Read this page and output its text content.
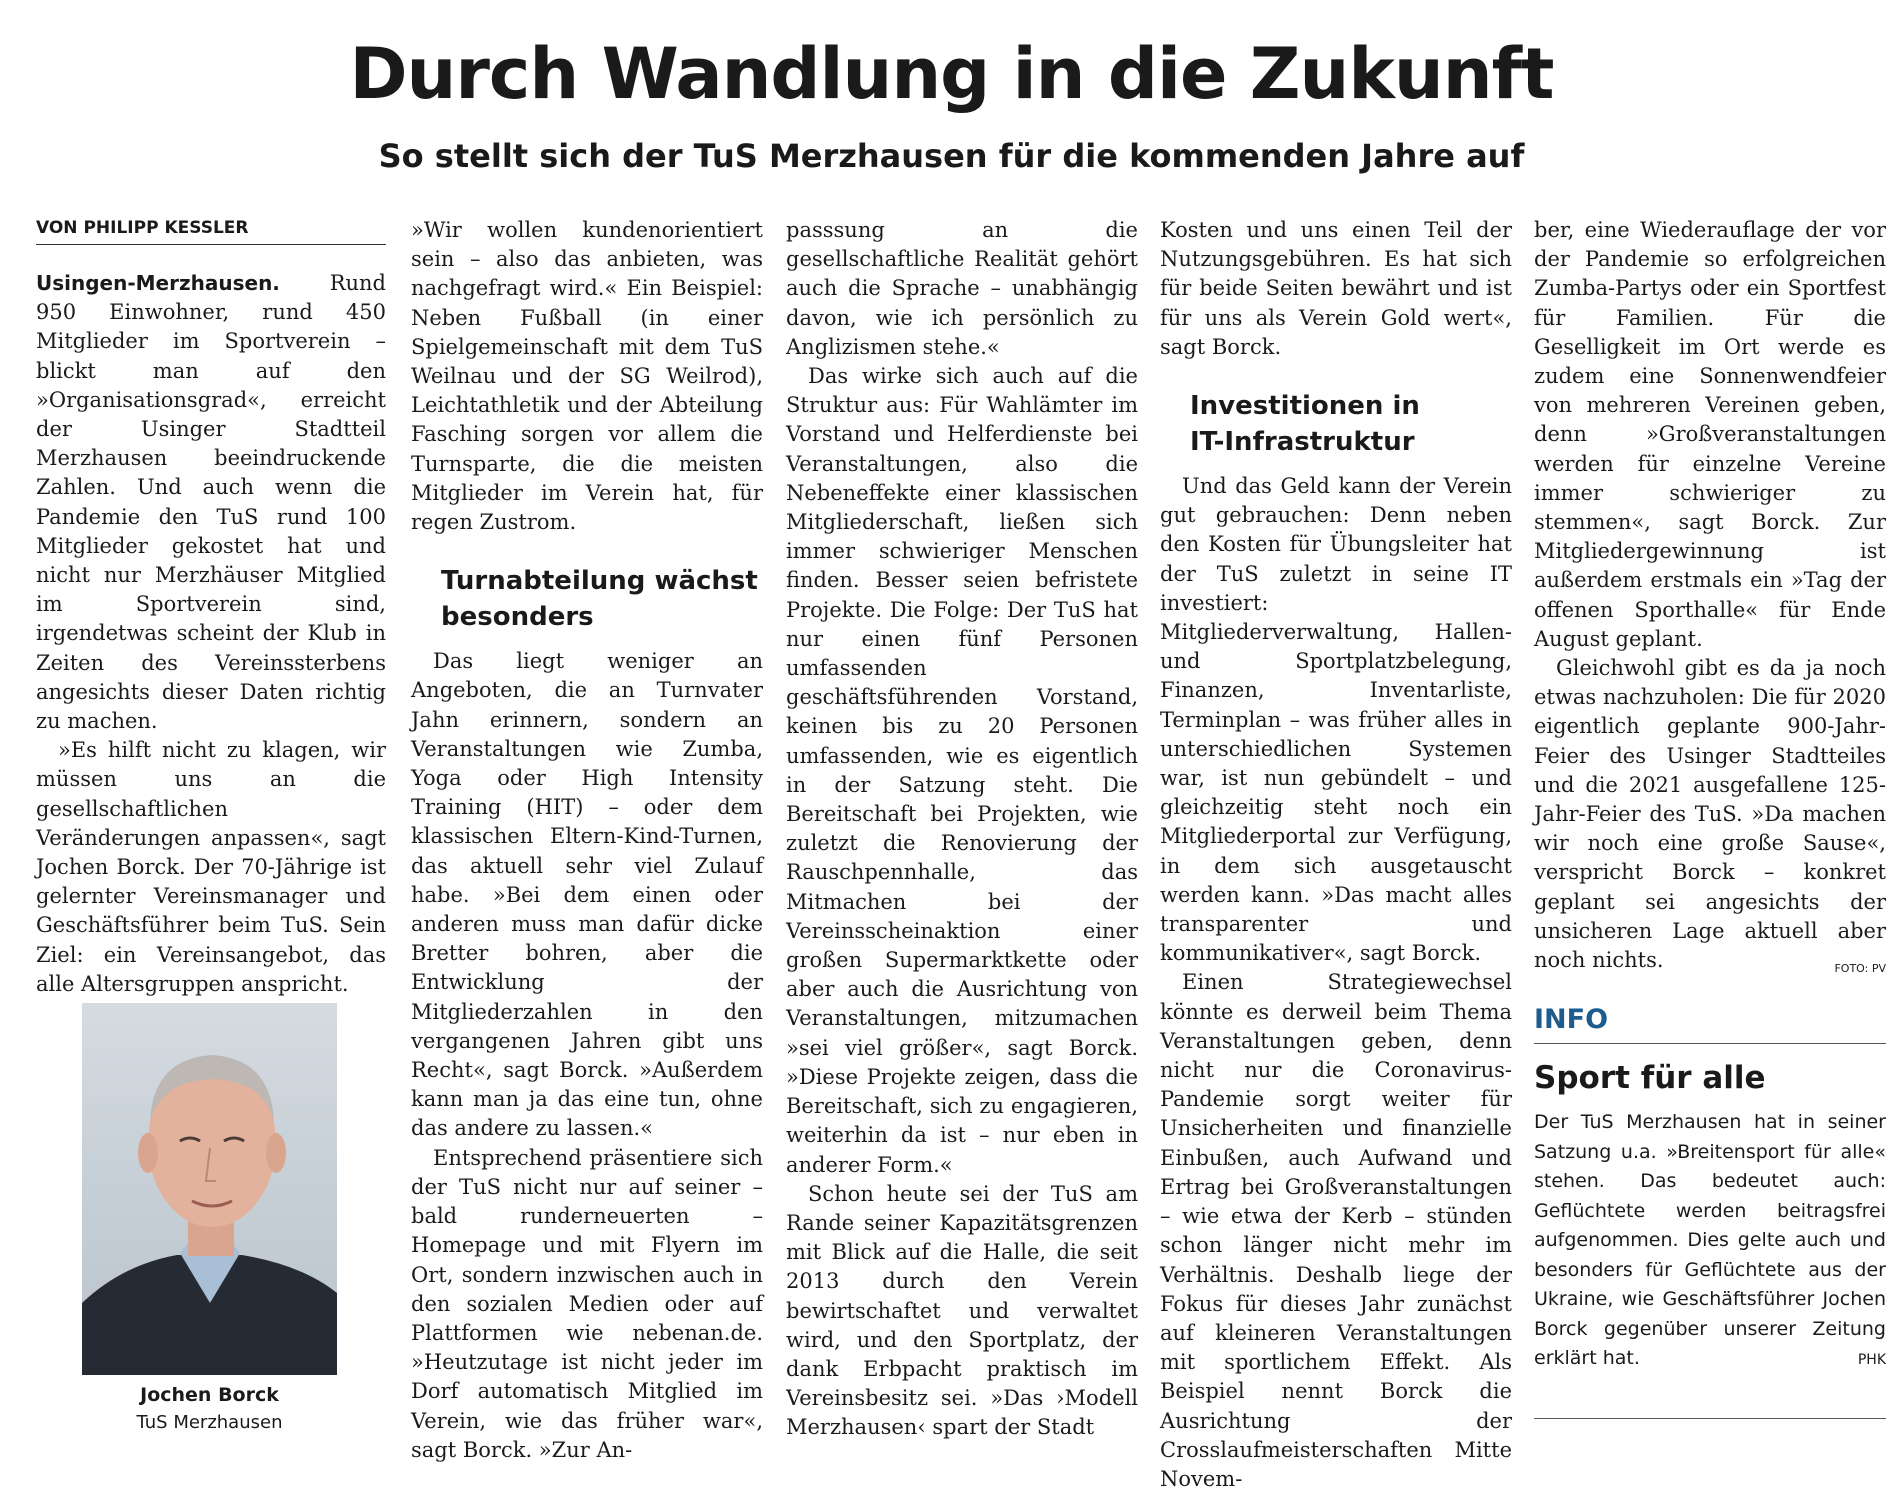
Durch Wandlung in die Zukunft
So stellt sich der TuS Merzhausen für die kommenden Jahre auf
VON PHILIPP KESSLER

Usingen-Merzhausen. Rund 950 Einwohner, rund 450 Mitglieder im Sportverein – blickt man auf den »Organisationsgrad«, erreicht der Usinger Stadtteil Merzhausen beeindruckende Zahlen. Und auch wenn die Pandemie den TuS rund 100 Mitglieder gekostet hat und nicht nur Merzhäuser Mitglied im Sportverein sind, irgendetwas scheint der Klub in Zeiten des Vereinssterbens angesichts dieser Daten richtig zu machen.

»Es hilft nicht zu klagen, wir müssen uns an die gesellschaftlichen Veränderungen anpassen«, sagt Jochen Borck. Der 70-Jährige ist gelernter Vereinsmanager und Geschäftsführer beim TuS. Sein Ziel: ein Vereinsangebot, das alle Altersgruppen anspricht.

Jochen Borck
TuS Merzhausen

»Wir wollen kundenorientiert sein – also das anbieten, was nachgefragt wird.« Ein Beispiel: Neben Fußball (in einer Spielgemeinschaft mit dem TuS Weilnau und der SG Weilrod), Leichtathletik und der Abteilung Fasching sorgen vor allem die Turnsparte, die die meisten Mitglieder im Verein hat, für regen Zustrom.

Turnabteilung wächst besonders

Das liegt weniger an Angeboten, die an Turnvater Jahn erinnern, sondern an Veranstaltungen wie Zumba, Yoga oder High Intensity Training (HIT) – oder dem klassischen Eltern-Kind-Turnen, das aktuell sehr viel Zulauf habe. »Bei dem einen oder anderen muss man dafür dicke Bretter bohren, aber die Entwicklung der Mitgliederzahlen in den vergangenen Jahren gibt uns Recht«, sagt Borck. »Außerdem kann man ja das eine tun, ohne das andere zu lassen.«

Entsprechend präsentiere sich der TuS nicht nur auf seiner – bald runderneuerten – Homepage und mit Flyern im Ort, sondern inzwischen auch in den sozialen Medien oder auf Plattformen wie nebenan.de. »Heutzutage ist nicht jeder im Dorf automatisch Mitglied im Verein, wie das früher war«, sagt Borck. »Zur An-

passsung an die gesellschaftliche Realität gehört auch die Sprache – unabhängig davon, wie ich persönlich zu Anglizismen stehe.«

Das wirke sich auch auf die Struktur aus: Für Wahlämter im Vorstand und Helferdienste bei Veranstaltungen, also die Nebeneffekte einer klassischen Mitgliederschaft, ließen sich immer schwieriger Menschen finden. Besser seien befristete Projekte. Die Folge: Der TuS hat nur einen fünf Personen umfassenden geschäftsführenden Vorstand, keinen bis zu 20 Personen umfassenden, wie es eigentlich in der Satzung steht. Die Bereitschaft bei Projekten, wie zuletzt die Renovierung der Rauschpennhalle, das Mitmachen bei der Vereinsscheinaktion einer großen Supermarktkette oder aber auch die Ausrichtung von Veranstaltungen, mitzumachen »sei viel größer«, sagt Borck. »Diese Projekte zeigen, dass die Bereitschaft, sich zu engagieren, weiterhin da ist – nur eben in anderer Form.«

Schon heute sei der TuS am Rande seiner Kapazitätsgrenzen mit Blick auf die Halle, die seit 2013 durch den Verein bewirtschaftet und verwaltet wird, und den Sportplatz, der dank Erbpacht praktisch im Vereinsbesitz sei. »Das ›Modell Merzhausen‹ spart der Stadt

Kosten und uns einen Teil der Nutzungsgebühren. Es hat sich für beide Seiten bewährt und ist für uns als Verein Gold wert«, sagt Borck.

Investitionen in IT-Infrastruktur

Und das Geld kann der Verein gut gebrauchen: Denn neben den Kosten für Übungsleiter hat der TuS zuletzt in seine IT investiert: Mitgliederverwaltung, Hallen- und Sportplatzbelegung, Finanzen, Inventarliste, Terminplan – was früher alles in unterschiedlichen Systemen war, ist nun gebündelt – und gleichzeitig steht noch ein Mitgliederportal zur Verfügung, in dem sich ausgetauscht werden kann. »Das macht alles transparenter und kommunikativer«, sagt Borck.

Einen Strategiewechsel könnte es derweil beim Thema Veranstaltungen geben, denn nicht nur die Coronavirus-Pandemie sorgt weiter für Unsicherheiten und finanzielle Einbußen, auch Aufwand und Ertrag bei Großveranstaltungen – wie etwa der Kerb – stünden schon länger nicht mehr im Verhältnis. Deshalb liege der Fokus für dieses Jahr zunächst auf kleineren Veranstaltungen mit sportlichem Effekt. Als Beispiel nennt Borck die Ausrichtung der Crosslaufmeisterschaften Mitte Novem-

ber, eine Wiederauflage der vor der Pandemie so erfolgreichen Zumba-Partys oder ein Sportfest für Familien. Für die Geselligkeit im Ort werde es zudem eine Sonnenwendfeier von mehreren Vereinen geben, denn »Großveranstaltungen werden für einzelne Vereine immer schwieriger zu stemmen«, sagt Borck. Zur Mitgliedergewinnung ist außerdem erstmals ein »Tag der offenen Sporthalle« für Ende August geplant.

Gleichwohl gibt es da ja noch etwas nachzuholen: Die für 2020 eigentlich geplante 900-Jahr-Feier des Usinger Stadtteiles und die 2021 ausgefallene 125-Jahr-Feier des TuS. »Da machen wir noch eine große Sause«, verspricht Borck – konkret geplant sei angesichts der unsicheren Lage aktuell aber noch nichts.	FOTO: PV

INFO
Sport für alle
Der TuS Merzhausen hat in seiner Satzung u.a. »Breitensport für alle« stehen. Das bedeutet auch: Geflüchtete werden beitragsfrei aufgenommen. Dies gelte auch und besonders für Geflüchtete aus der Ukraine, wie Geschäftsführer Jochen Borck gegenüber unserer Zeitung erklärt hat.	PHK
